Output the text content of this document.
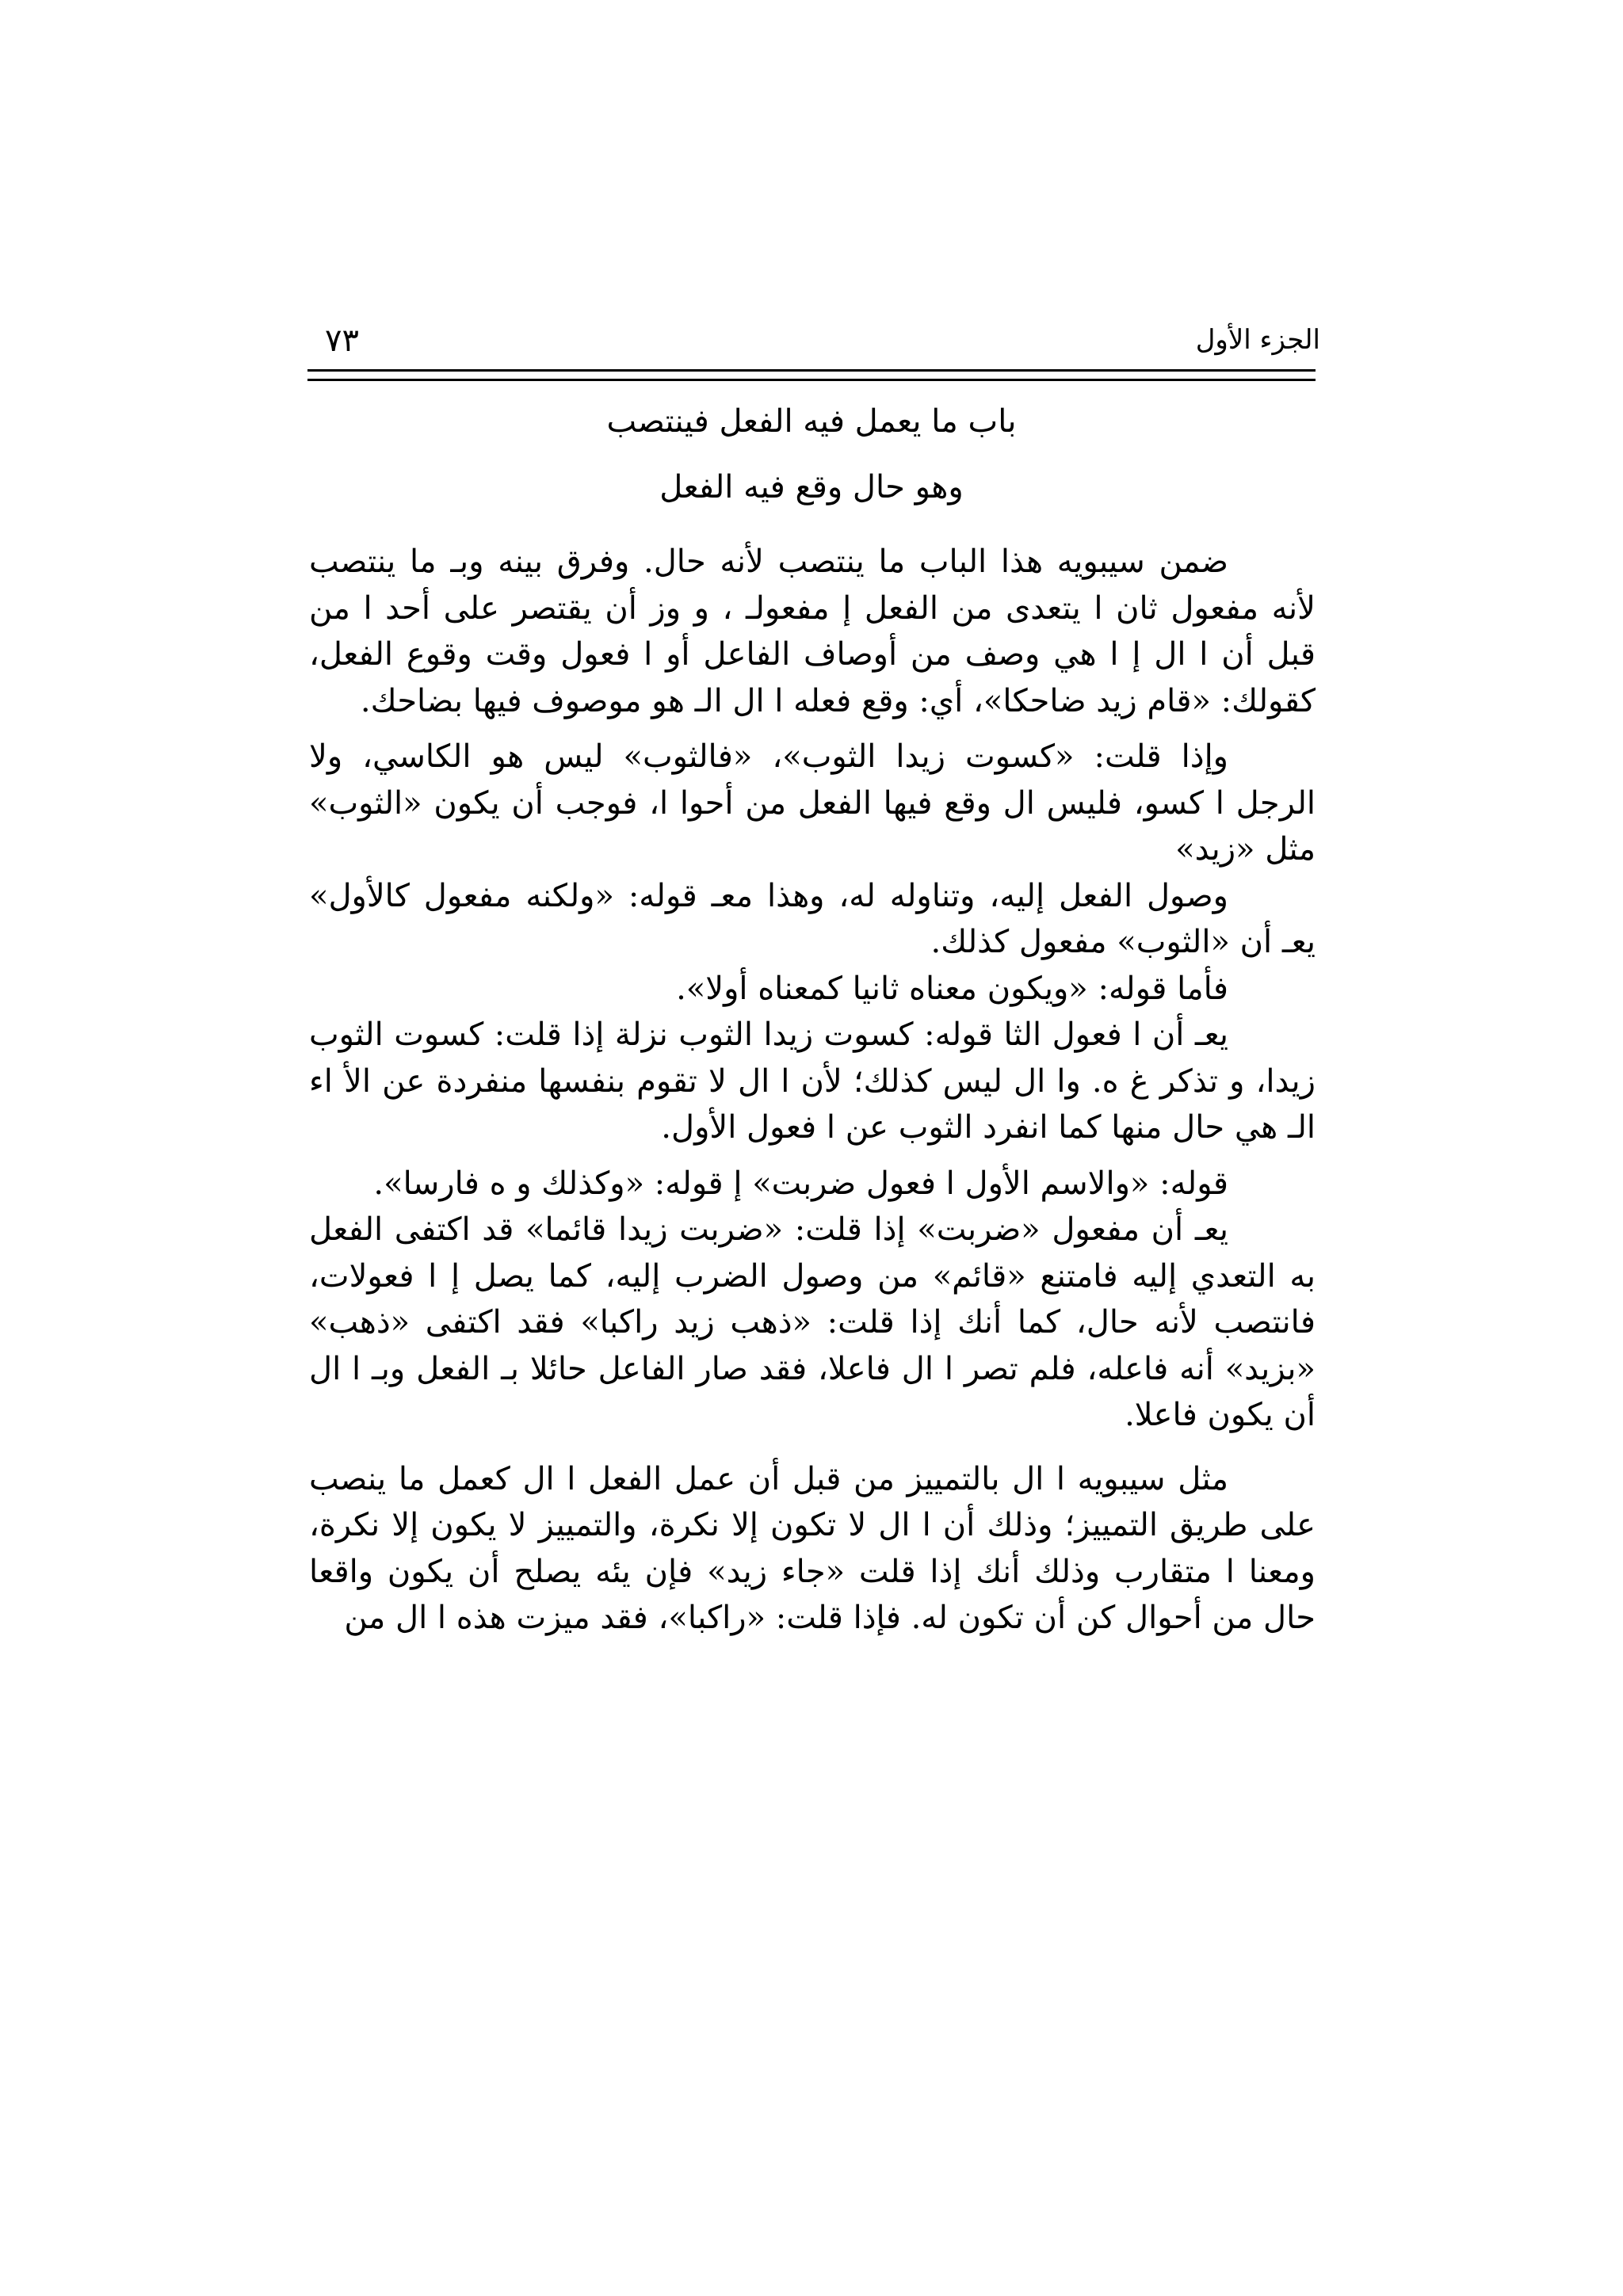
٧٣	الجزء الأول
باب ما يعمل فيه الفعل فينتصب
وهو حال وقع فيه الفعل

ضمن سيبويه هذا الباب ما ينتصب لأنه حال. وفرق بينه وبـ ما ينتصب لأنه مفعول ثان ا يتعدى من الفعل إ مفعولـ ، و وز أن يقتصر على أحد ا من قبل أن ا ال إ ا هي وصف من أوصاف الفاعل أو ا فعول وقت وقوع الفعل، كقولك: «قام زيد ضاحكا»، أي: وقع فعله ا ال الـ هو موصوف فيها بضاحك.

وإذا قلت: «كسوت زيدا الثوب»، «فالثوب» ليس هو الكاسي، ولا الرجل ا كسو، فليس ال وقع فيها الفعل من أحوا ا، فوجب أن يكون «الثوب» مثل «زيد»

وصول الفعل إليه، وتناوله له، وهذا معـ قوله: «ولكنه مفعول كالأول» يعـ أن «الثوب» مفعول كذلك.

فأما قوله: «ويكون معناه ثانيا كمعناه أولا».

يعـ أن ا فعول الثا قوله: كسوت زيدا الثوب نزلة إذا قلت: كسوت الثوب زيدا، و تذكر غ ه. وا ال ليس كذلك؛ لأن ا ال لا تقوم بنفسها منفردة عن الأ اء الـ هي حال منها كما انفرد الثوب عن ا فعول الأول.

قوله: «والاسم الأول ا فعول ضربت» إ قوله: «وكذلك و ه فارسا».

يعـ أن مفعول «ضربت» إذا قلت: «ضربت زيدا قائما» قد اكتفى الفعل به التعدي إليه فامتنع «قائم» من وصول الضرب إليه، كما يصل إ ا فعولات، فانتصب لأنه حال، كما أنك إذا قلت: «ذهب زيد راكبا» فقد اكتفى «ذهب» «بزيد» أنه فاعله، فلم تصر ا ال فاعلا، فقد صار الفاعل حائلا بـ الفعل وبـ ا ال أن يكون فاعلا.

مثل سيبويه ا ال بالتمييز من قبل أن عمل الفعل ا ال كعمل ما ينصب على طريق التمييز؛ وذلك أن ا ال لا تكون إلا نكرة، والتمييز لا يكون إلا نكرة، ومعنا ا متقارب وذلك أنك إذا قلت «جاء زيد» فإن يئه يصلح أن يكون واقعا حال من أحوال كن أن تكون له. فإذا قلت: «راكبا»، فقد ميزت هذه ا ال من
